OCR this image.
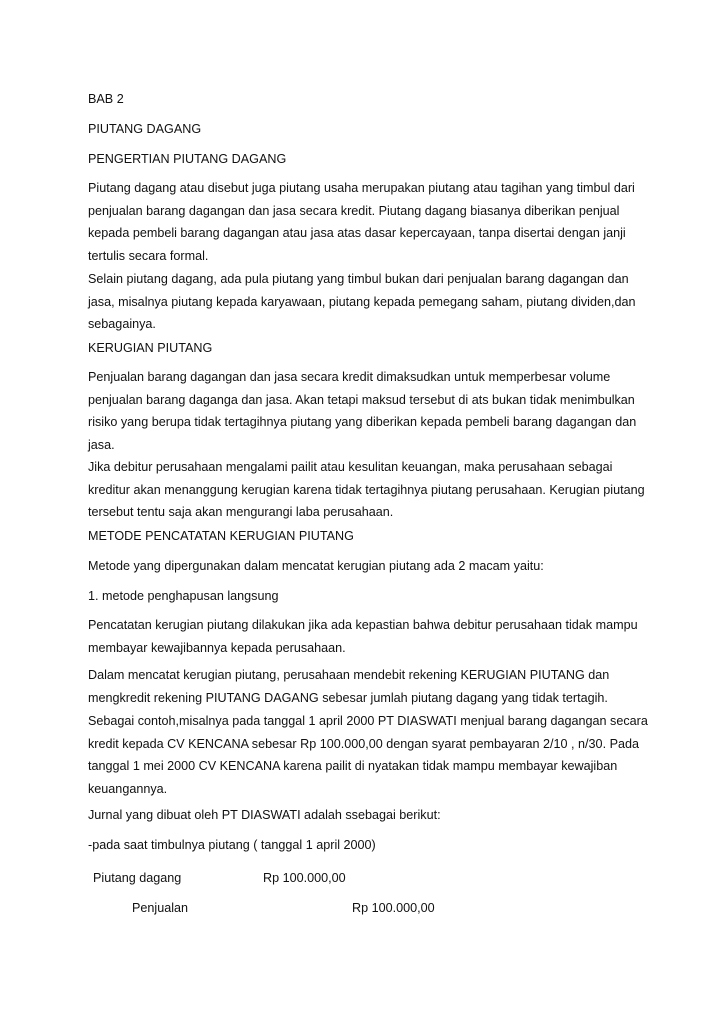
BAB 2

PIUTANG DAGANG

PENGERTIAN PIUTANG DAGANG

Piutang dagang atau disebut juga piutang usaha merupakan piutang atau tagihan yang timbul dari penjualan barang dagangan dan jasa secara kredit. Piutang dagang biasanya diberikan penjual kepada pembeli barang dagangan atau jasa atas dasar kepercayaan, tanpa disertai dengan janji tertulis secara formal.

Selain piutang dagang, ada pula piutang yang timbul bukan dari penjualan barang dagangan dan jasa, misalnya piutang kepada karyawaan, piutang kepada pemegang saham, piutang dividen,dan sebagainya.

KERUGIAN PIUTANG

Penjualan barang dagangan dan jasa secara kredit dimaksudkan untuk memperbesar volume penjualan barang daganga dan jasa. Akan tetapi maksud tersebut di ats bukan tidak menimbulkan risiko yang berupa tidak tertagihnya piutang yang diberikan kepada pembeli barang dagangan dan jasa.

Jika debitur perusahaan mengalami pailit atau kesulitan keuangan, maka perusahaan sebagai kreditur akan menanggung kerugian karena tidak tertagihnya piutang perusahaan. Kerugian piutang tersebut tentu saja akan mengurangi laba perusahaan.

METODE PENCATATAN KERUGIAN PIUTANG

Metode yang dipergunakan dalam mencatat kerugian piutang ada 2 macam yaitu:

1. metode penghapusan langsung

Pencatatan kerugian piutang dilakukan jika ada kepastian bahwa debitur perusahaan tidak mampu membayar kewajibannya kepada perusahaan.

Dalam mencatat kerugian piutang, perusahaan mendebit rekening KERUGIAN PIUTANG dan mengkredit rekening PIUTANG DAGANG sebesar jumlah piutang dagang yang tidak tertagih.

Sebagai contoh,misalnya pada tanggal 1 april 2000 PT DIASWATI menjual barang dagangan secara kredit kepada CV KENCANA sebesar Rp 100.000,00 dengan syarat pembayaran 2/10 , n/30. Pada tanggal 1 mei 2000 CV KENCANA karena pailit di nyatakan tidak mampu membayar kewajiban keuangannya.

Jurnal yang dibuat oleh PT DIASWATI adalah ssebagai berikut:

-pada saat timbulnya piutang ( tanggal 1 april 2000)

Piutang dagang	Rp 100.000,00
Penjualan	Rp 100.000,00
